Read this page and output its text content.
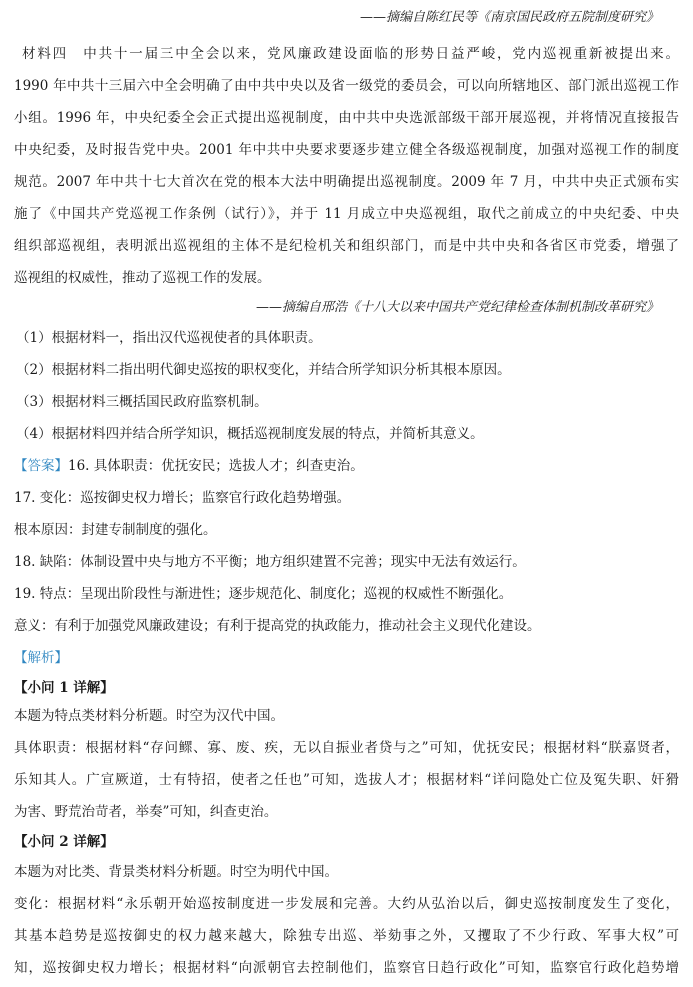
——摘编自陈红民等《南京国民政府五院制度研究》
材料四　中共十一届三中全会以来，党风廉政建设面临的形势日益严峻，党内巡视重新被提出来。
1990 年中共十三届六中全会明确了由中共中央以及省一级党的委员会，可以向所辖地区、部门派出巡视工作
小组。1996 年，中央纪委全会正式提出巡视制度，由中共中央选派部级干部开展巡视，并将情况直接报告
中央纪委，及时报告党中央。2001 年中共中央要求要逐步建立健全各级巡视制度，加强对巡视工作的制度
规范。2007 年中共十七大首次在党的根本大法中明确提出巡视制度。2009 年 7 月，中共中央正式颁布实
施了《中国共产党巡视工作条例（试行）》，并于 11 月成立中央巡视组，取代之前成立的中央纪委、中央
组织部巡视组，表明派出巡视组的主体不是纪检机关和组织部门，而是中共中央和各省区市党委，增强了
巡视组的权威性，推动了巡视工作的发展。
——摘编自邢浩《十八大以来中国共产党纪律检查体制机制改革研究》
（1）根据材料一，指出汉代巡视使者的具体职责。
（2）根据材料二指出明代御史巡按的职权变化，并结合所学知识分析其根本原因。
（3）根据材料三概括国民政府监察机制。
（4）根据材料四并结合所学知识，概括巡视制度发展的特点，并简析其意义。
【答案】16. 具体职责：优抚安民；选拔人才；纠查吏治。
17. 变化：巡按御史权力增长；监察官行政化趋势增强。
根本原因：封建专制制度的强化。
18. 缺陷：体制设置中央与地方不平衡；地方组织建置不完善；现实中无法有效运行。
19. 特点：呈现出阶段性与渐进性；逐步规范化、制度化；巡视的权威性不断强化。
意义：有利于加强党风廉政建设；有利于提高党的执政能力，推动社会主义现代化建设。
【解析】
【小问 1 详解】
本题为特点类材料分析题。时空为汉代中国。
具体职责：根据材料“存问鳏、寡、废、疾，无以自振业者贷与之”可知，优抚安民；根据材料“朕嘉贤者，
乐知其人。广宣厥道，士有特招，使者之任也”可知，选拔人才；根据材料“详问隐处亡位及冤失职、奸猾
为害、野荒治苛者，举奏”可知，纠查吏治。
【小问 2 详解】
本题为对比类、背景类材料分析题。时空为明代中国。
变化：根据材料“永乐朝开始巡按制度进一步发展和完善。大约从弘治以后，御史巡按制度发生了变化，
其基本趋势是巡按御史的权力越来越大，除独专出巡、举劾事之外，又攫取了不少行政、军事大权”可
知，巡按御史权力增长；根据材料“向派朝官去控制他们，监察官日趋行政化”可知，监察官行政化趋势增
